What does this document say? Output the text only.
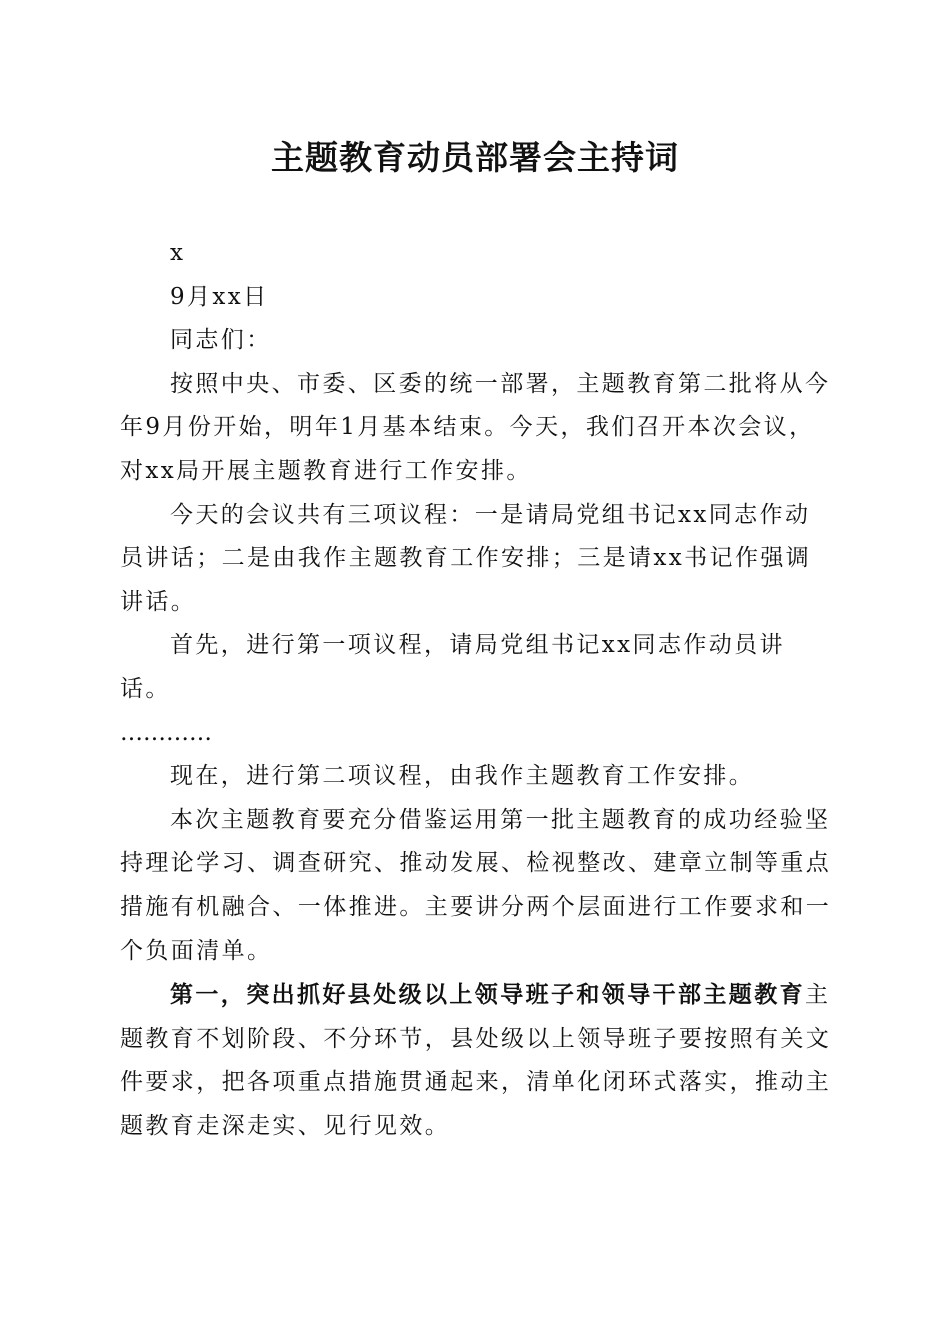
主题教育动员部署会主持词

x

9月xx日

同志们：

按照中央、市委、区委的统一部署，主题教育第二批将从今年9月份开始，明年1月基本结束。今天，我们召开本次会议，对xx局开展主题教育进行工作安排。

今天的会议共有三项议程：一是请局党组书记xx同志作动员讲话；二是由我作主题教育工作安排；三是请xx书记作强调讲话。

首先，进行第一项议程，请局党组书记xx同志作动员讲话。

…………

现在，进行第二项议程，由我作主题教育工作安排。

本次主题教育要充分借鉴运用第一批主题教育的成功经验坚持理论学习、调查研究、推动发展、检视整改、建章立制等重点措施有机融合、一体推进。主要讲分两个层面进行工作要求和一个负面清单。

第一，突出抓好县处级以上领导班子和领导干部主题教育主题教育不划阶段、不分环节，县处级以上领导班子要按照有关文件要求，把各项重点措施贯通起来，清单化闭环式落实，推动主题教育走深走实、见行见效。
